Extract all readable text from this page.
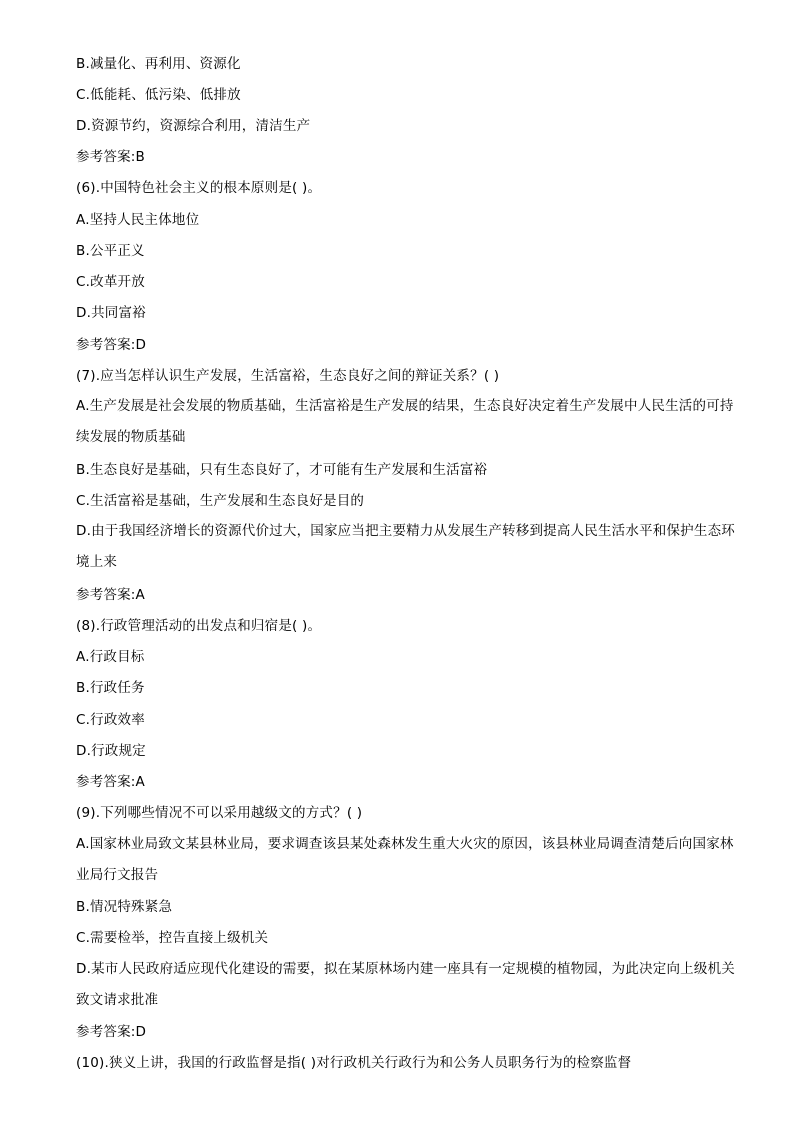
B.减量化、再利用、资源化
C.低能耗、低污染、低排放
D.资源节约，资源综合利用，清洁生产
参考答案:B
(6).中国特色社会主义的根本原则是( )。
A.坚持人民主体地位
B.公平正义
C.改革开放
D.共同富裕
参考答案:D
(7).应当怎样认识生产发展，生活富裕，生态良好之间的辩证关系？( )
A.生产发展是社会发展的物质基础，生活富裕是生产发展的结果，生态良好决定着生产发展中人民生活的可持续发展的物质基础
B.生态良好是基础，只有生态良好了，才可能有生产发展和生活富裕
C.生活富裕是基础，生产发展和生态良好是目的
D.由于我国经济增长的资源代价过大，国家应当把主要精力从发展生产转移到提高人民生活水平和保护生态环境上来
参考答案:A
(8).行政管理活动的出发点和归宿是( )。
A.行政目标
B.行政任务
C.行政效率
D.行政规定
参考答案:A
(9).下列哪些情况不可以采用越级文的方式？( )
A.国家林业局致文某县林业局，要求调查该县某处森林发生重大火灾的原因，该县林业局调查清楚后向国家林业局行文报告
B.情况特殊紧急
C.需要检举，控告直接上级机关
D.某市人民政府适应现代化建设的需要，拟在某原林场内建一座具有一定规模的植物园，为此决定向上级机关致文请求批准
参考答案:D
(10).狭义上讲，我国的行政监督是指( )对行政机关行政行为和公务人员职务行为的检察监督
